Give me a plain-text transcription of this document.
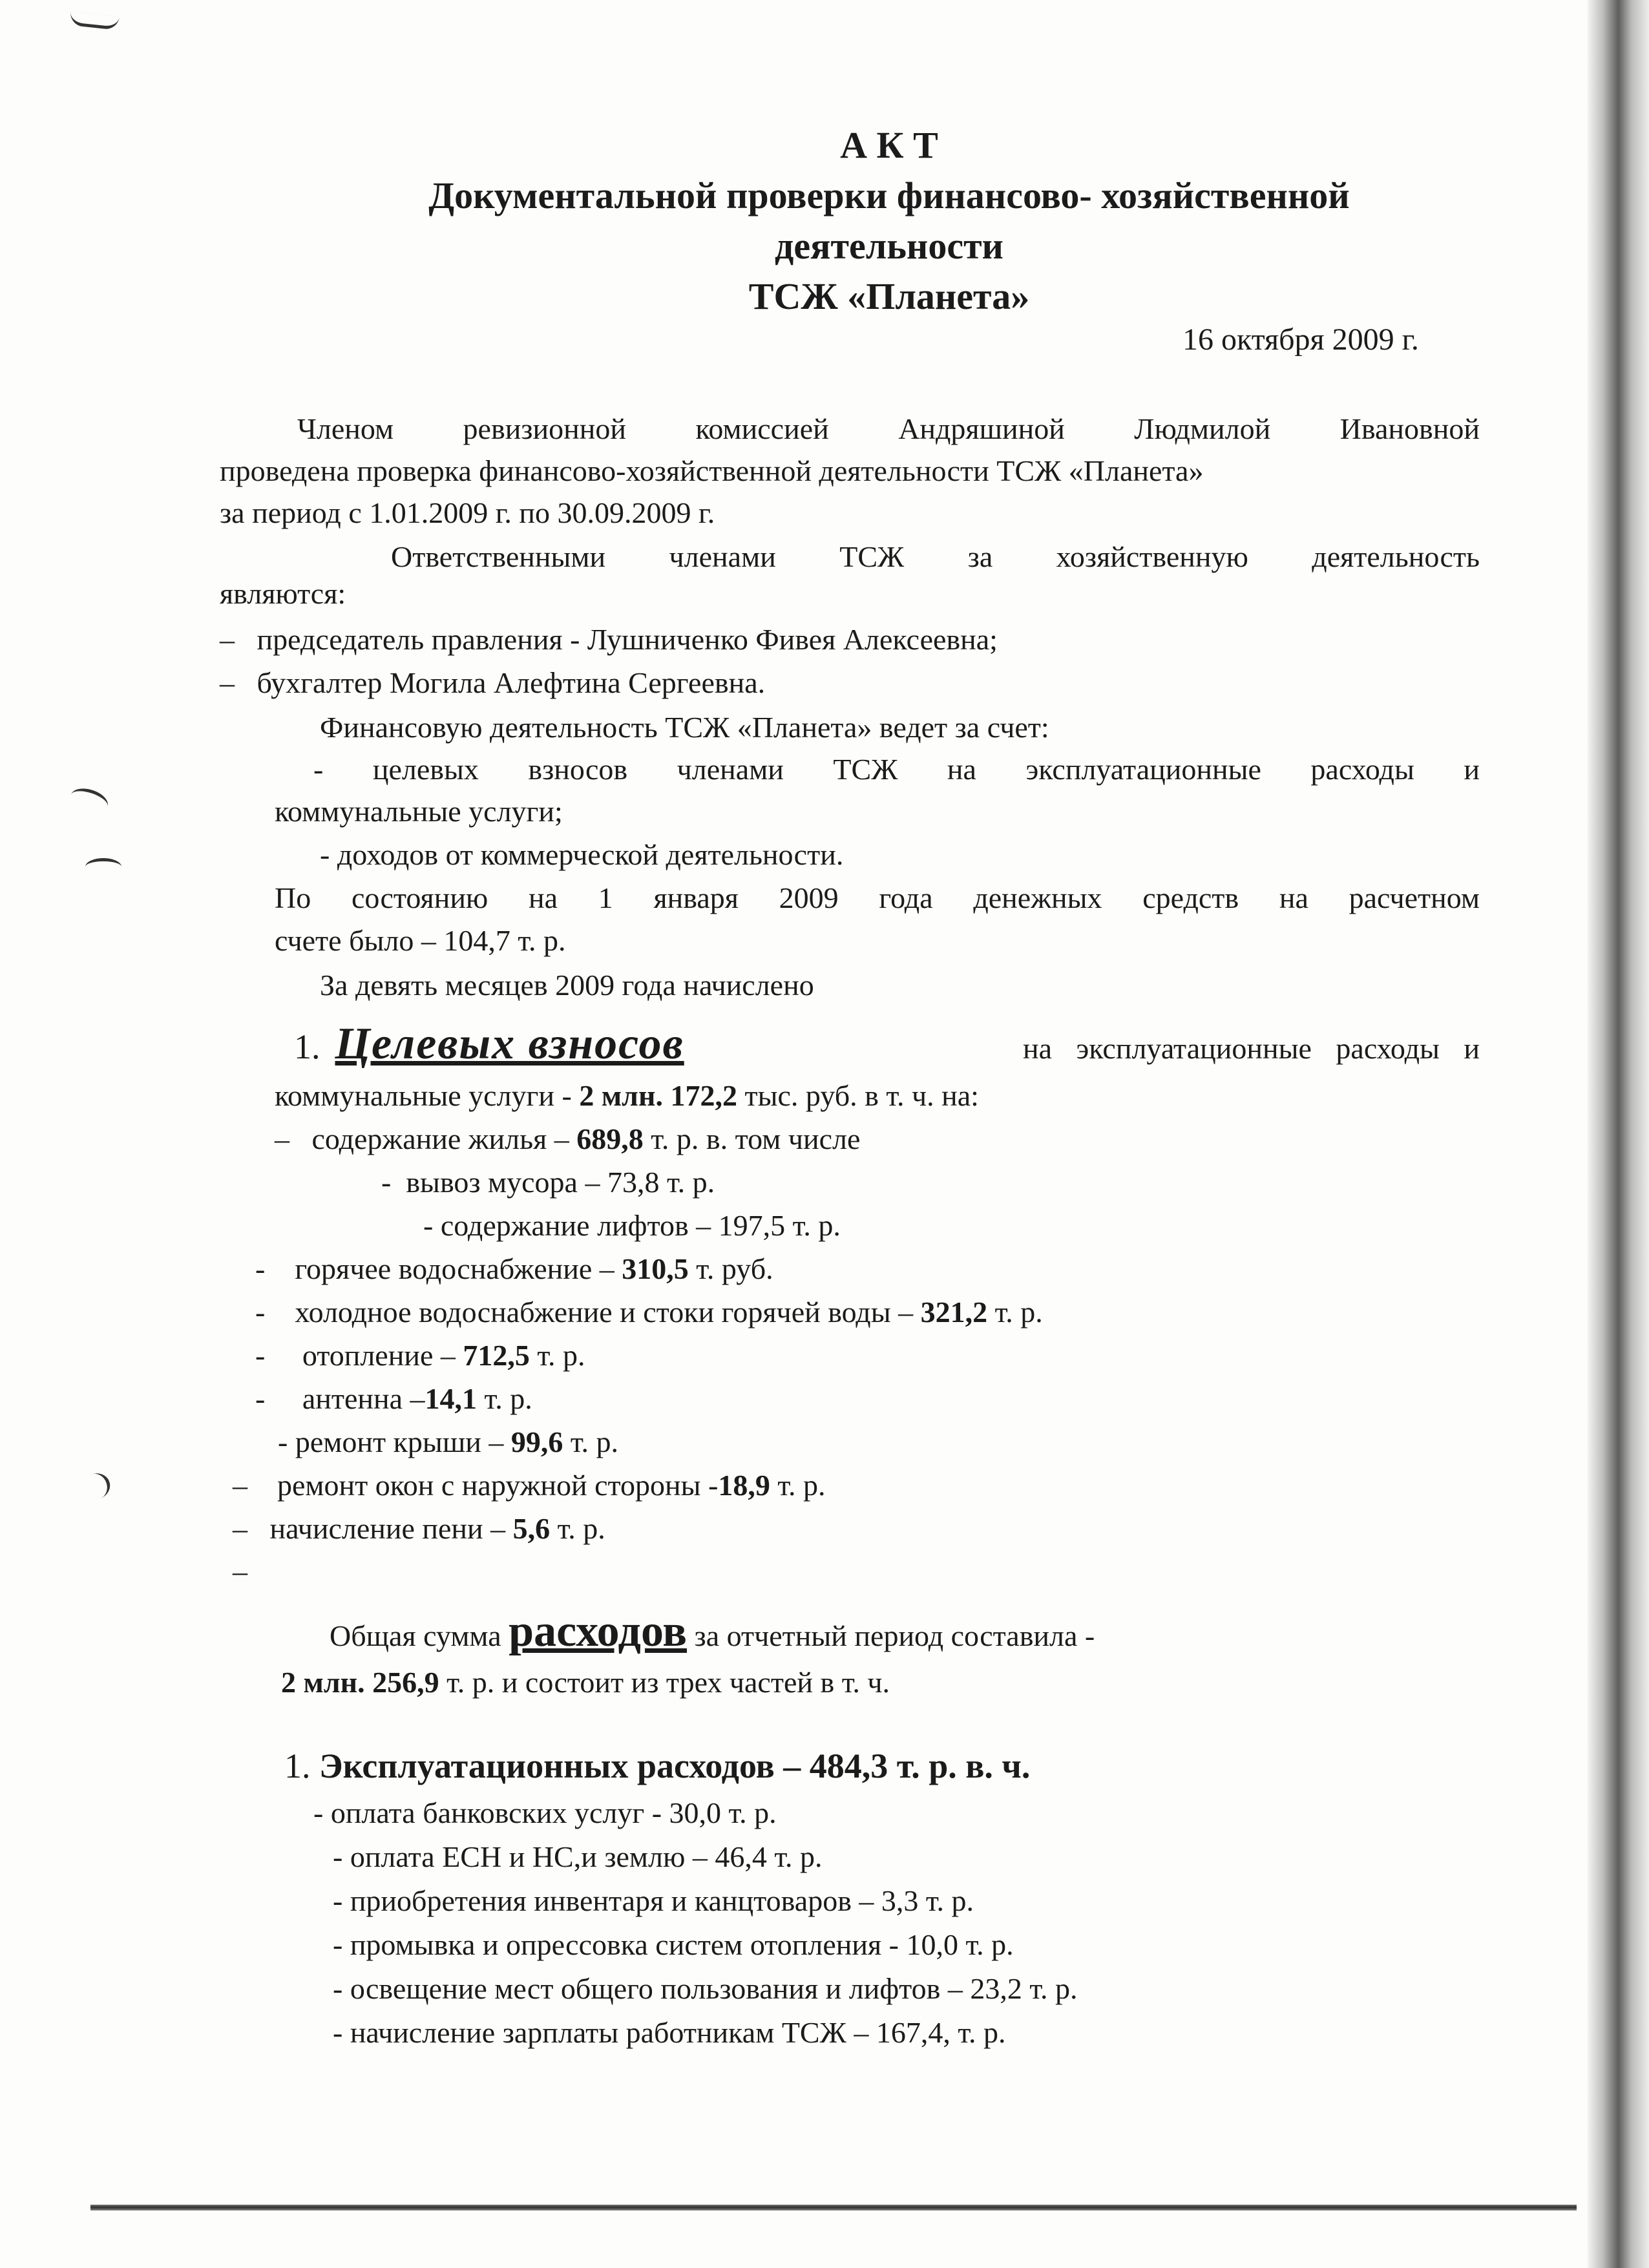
А К Т
Документальной проверки финансово- хозяйственной
деятельности
ТСЖ «Планета»
16 октября 2009 г.
Членом ревизионной комиссией Андряшиной Людмилой Ивановной
проведена проверка финансово-хозяйственной деятельности ТСЖ «Планета»
за период с 1.01.2009 г. по 30.09.2009 г.
Ответственными членами ТСЖ за хозяйственную деятельность
являются:
–   председатель правления - Лушниченко Фивея Алексеевна;
–   бухгалтер Могила Алефтина Сергеевна.
Финансовую деятельность ТСЖ «Планета» ведет за счет:
- целевых взносов членами ТСЖ на эксплуатационные расходы и
коммунальные услуги;
- доходов от коммерческой деятельности.
По состоянию на 1 января 2009 года денежных средств на расчетном
счете было – 104,7 т. р.
За девять месяцев 2009 года начислено
1. Целевых взносов	на эксплуатационные расходы и
коммунальные услуги - 2 млн. 172,2 тыс. руб. в т. ч. на:
– содержание жилья – 689,8 т. р. в. том числе
- вывоз мусора – 73,8 т. р.
- содержание лифтов – 197,5 т. р.
- горячее водоснабжение – 310,5 т. руб.
- холодное водоснабжение и стоки горячей воды – 321,2 т. р.
- отопление – 712,5 т. р.
- антенна –14,1 т. р.
- ремонт крыши – 99,6 т. р.
– ремонт окон с наружной стороны -18,9 т. р.
– начисление пени – 5,6 т. р.
–
Общая сумма расходов за отчетный период составила -
2 млн. 256,9 т. р. и состоит из трех частей в т. ч.
1. Эксплуатационных расходов – 484,3 т. р. в. ч.
- оплата банковских услуг - 30,0 т. р.
- оплата ЕСН и НС,и землю – 46,4 т. р.
- приобретения инвентаря и канцтоваров – 3,3 т. р.
- промывка и опрессовка систем отопления - 10,0 т. р.
- освещение мест общего пользования и лифтов – 23,2 т. р.
- начисление зарплаты работникам ТСЖ – 167,4, т. р.
